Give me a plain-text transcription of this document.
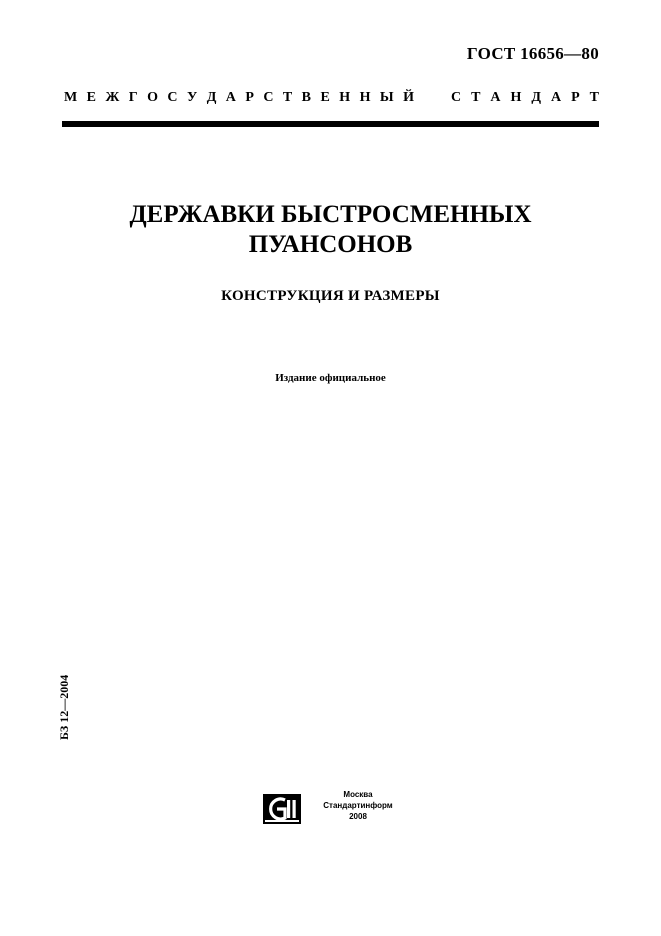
ГОСТ 16656—80
М Е Ж Г О С У Д А Р С Т В Е Н Н Ы Й	С Т А Н Д А Р Т
ДЕРЖАВКИ БЫСТРОСМЕННЫХ
ПУАНСОНОВ
КОНСТРУКЦИЯ И РАЗМЕРЫ
Издание официальное
БЗ 12—2004
Москва
Стандартинформ
2008
